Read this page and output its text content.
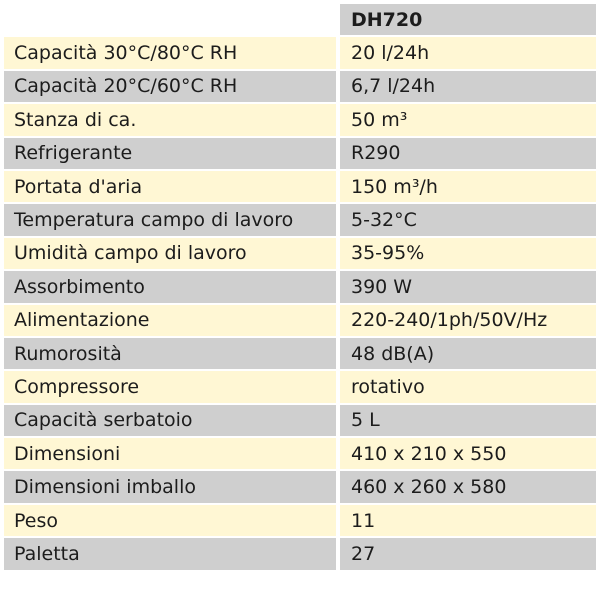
	DH720
Capacità 30°C/80°C RH	20 l/24h
Capacità 20°C/60°C RH	6,7 l/24h
Stanza di ca.	50 m³
Refrigerante	R290
Portata d'aria	150 m³/h
Temperatura campo di lavoro	5-32°C
Umidità campo di lavoro	35-95%
Assorbimento	390 W
Alimentazione	220-240/1ph/50V/Hz
Rumorosità	48 dB(A)
Compressore	rotativo
Capacità serbatoio	5 L
Dimensioni	410 x 210 x 550
Dimensioni imballo	460 x 260 x 580
Peso	11
Paletta	27
